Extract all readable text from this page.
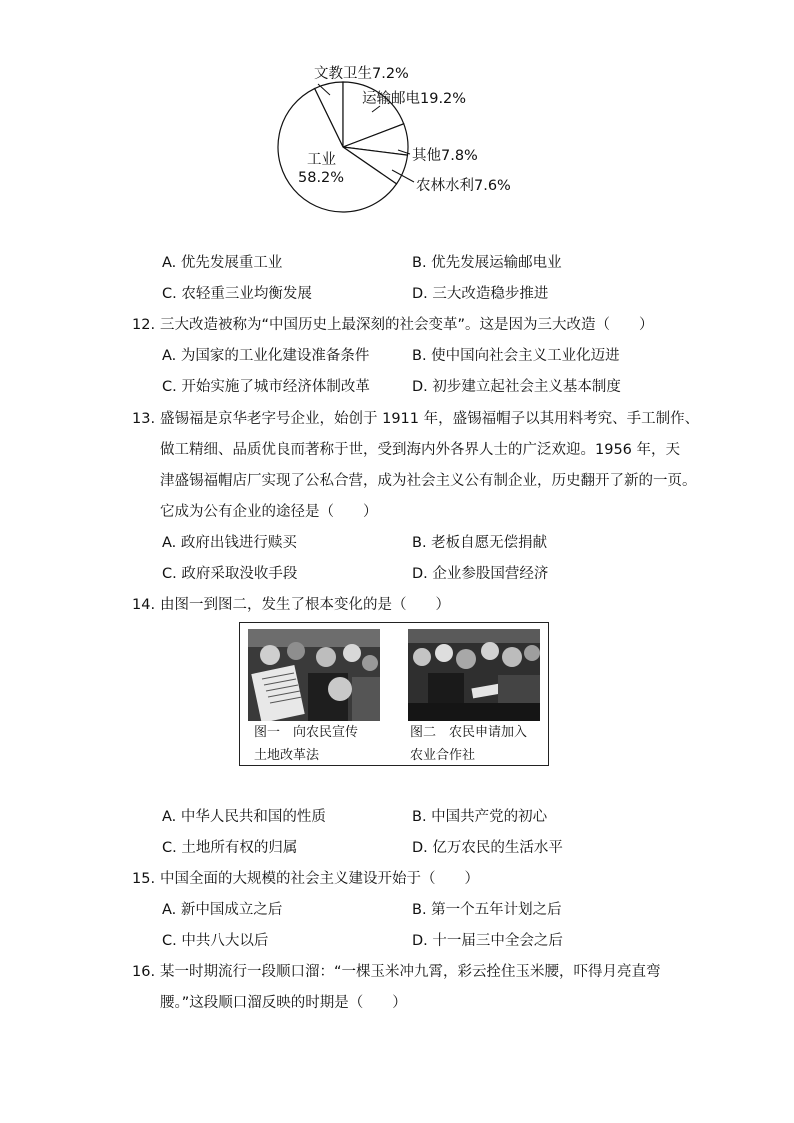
文教卫生7.2%
运输邮电19.2%
其他7.8%
农林水利7.6%
工业
58.2%
A. 优先发展重工业	B. 优先发展运输邮电业
C. 农轻重三业均衡发展	D. 三大改造稳步推进
12. 三大改造被称为“中国历史上最深刻的社会变革”。这是因为三大改造（　　）
A. 为国家的工业化建设准备条件	B. 使中国向社会主义工业化迈进
C. 开始实施了城市经济体制改革	D. 初步建立起社会主义基本制度
13. 盛锡福是京华老字号企业，始创于 1911 年，盛锡福帽子以其用料考究、手工制作、
做工精细、品质优良而著称于世，受到海内外各界人士的广泛欢迎。1956 年，天
津盛锡福帽店厂实现了公私合营，成为社会主义公有制企业，历史翻开了新的一页。
它成为公有企业的途径是（　　）
A. 政府出钱进行赎买	B. 老板自愿无偿捐献
C. 政府采取没收手段	D. 企业参股国营经济
14. 由图一到图二，发生了根本变化的是（　　）
图一　向农民宣传
土地改革法
图二　农民申请加入
农业合作社
A. 中华人民共和国的性质	B. 中国共产党的初心
C. 土地所有权的归属	D. 亿万农民的生活水平
15. 中国全面的大规模的社会主义建设开始于（　　）
A. 新中国成立之后	B. 第一个五年计划之后
C. 中共八大以后	D. 十一届三中全会之后
16. 某一时期流行一段顺口溜：“一棵玉米冲九霄，彩云拴住玉米腰，吓得月亮直弯
腰。”这段顺口溜反映的时期是（　　）
